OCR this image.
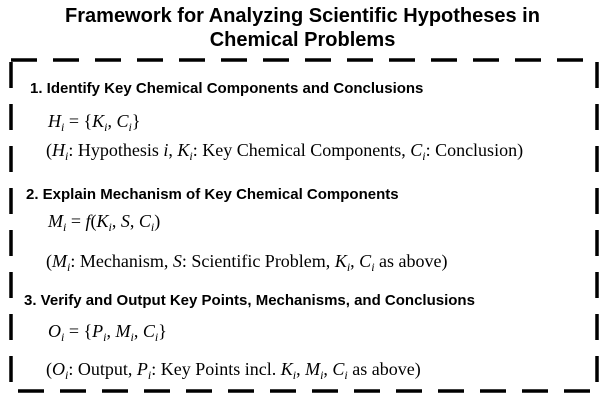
Framework for Analyzing Scientific Hypotheses in
Chemical Problems
1. Identify Key Chemical Components and Conclusions
$H_i = \{K_i$, $C_i$}
($H_i$: Hypothesis i, $K_i$: Key Chemical Components, $C_i$: Conclusion)
2. Explain Mechanism of Key Chemical Components
$M_i = f(K_i$, S, $C_i$)
($M_i$: Mechanism, S: Scientific Problem, $K_i$, $C_i$ as above)
3. Verify and Output Key Points, Mechanisms, and Conclusions
$O_i = \{P_i$, $M_i$, $C_i$}
($O_i$: Output, $P_i$: Key Points incl. $K_i$, $M_i$, $C_i$ as above)
